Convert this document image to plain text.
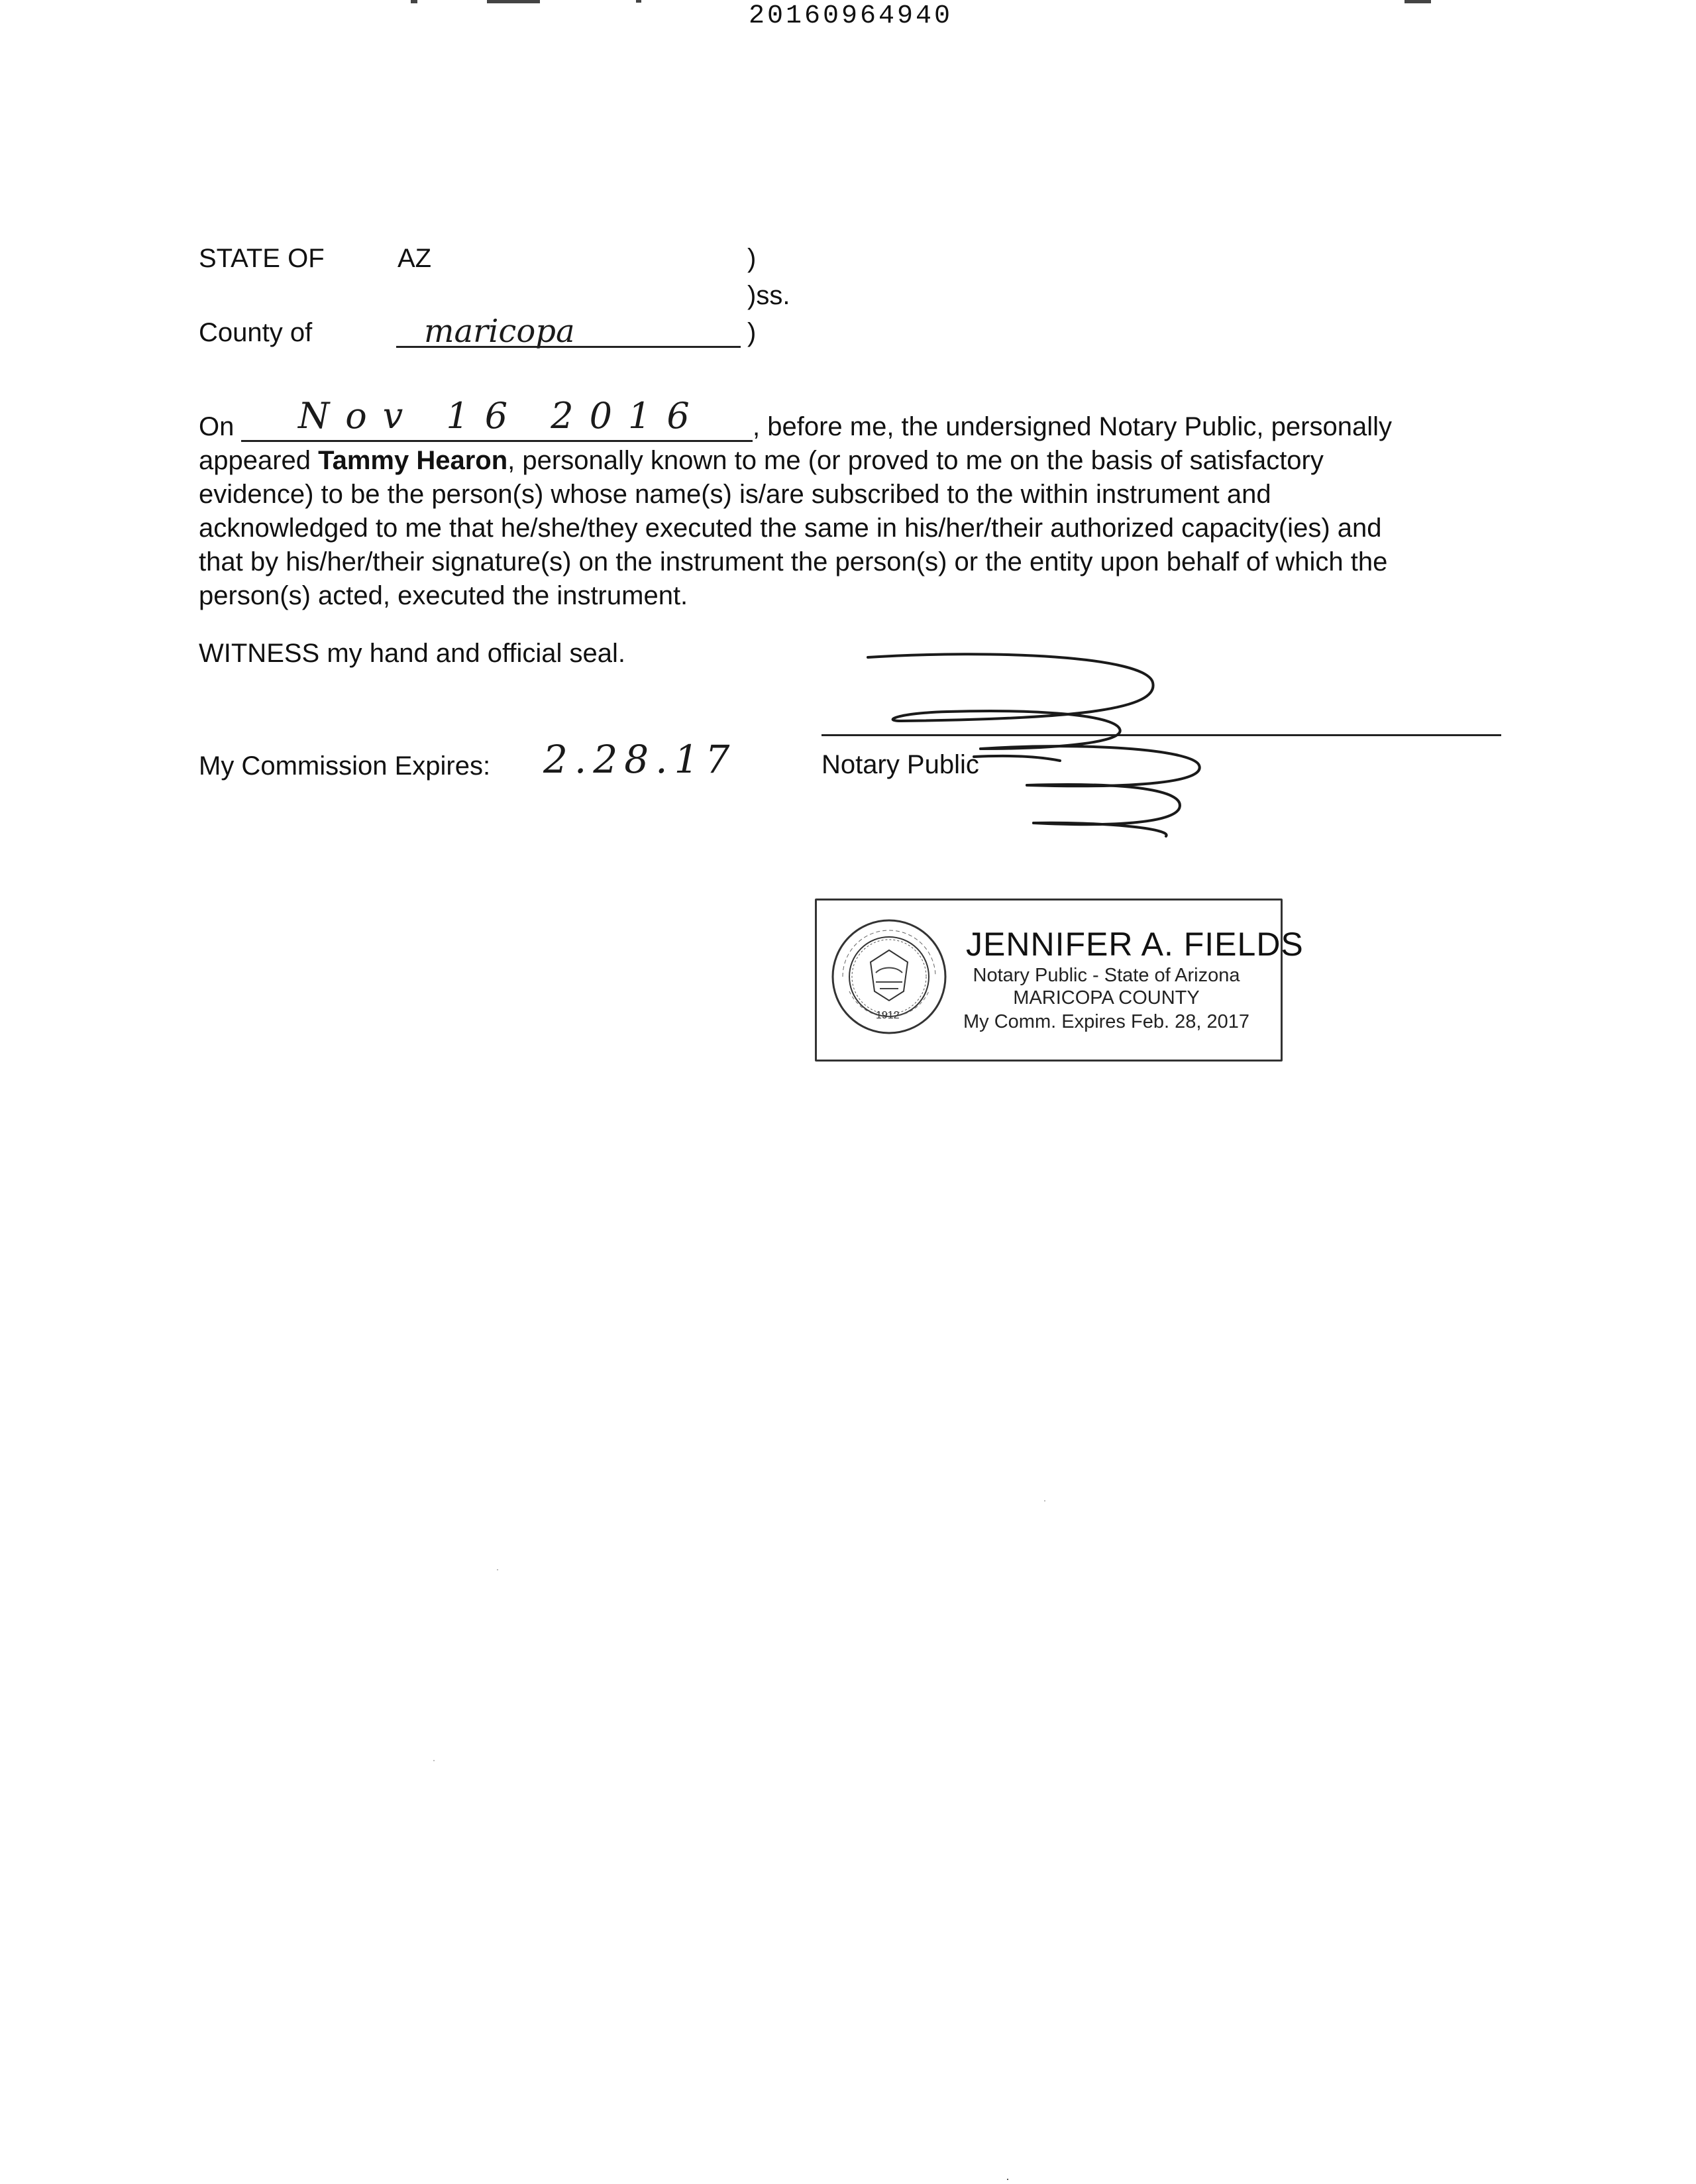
20160964940
STATE OF	AZ	)
)ss.
County of	maricopa	)
On Nov 16 2016 , before me, the undersigned Notary Public, personally
appeared Tammy Hearon, personally known to me (or proved to me on the basis of satisfactory
evidence) to be the person(s) whose name(s) is/are subscribed to the within instrument and
acknowledged to me that he/she/they executed the same in his/her/their authorized capacity(ies) and
that by his/her/their signature(s) on the instrument the person(s) or the entity upon behalf of which the
person(s) acted, executed the instrument.
WITNESS my hand and official seal.
My Commission Expires: 2.28.17	Notary Public
1912
JENNIFER A. FIELDS
Notary Public - State of Arizona
MARICOPA COUNTY
My Comm. Expires Feb. 28, 2017
